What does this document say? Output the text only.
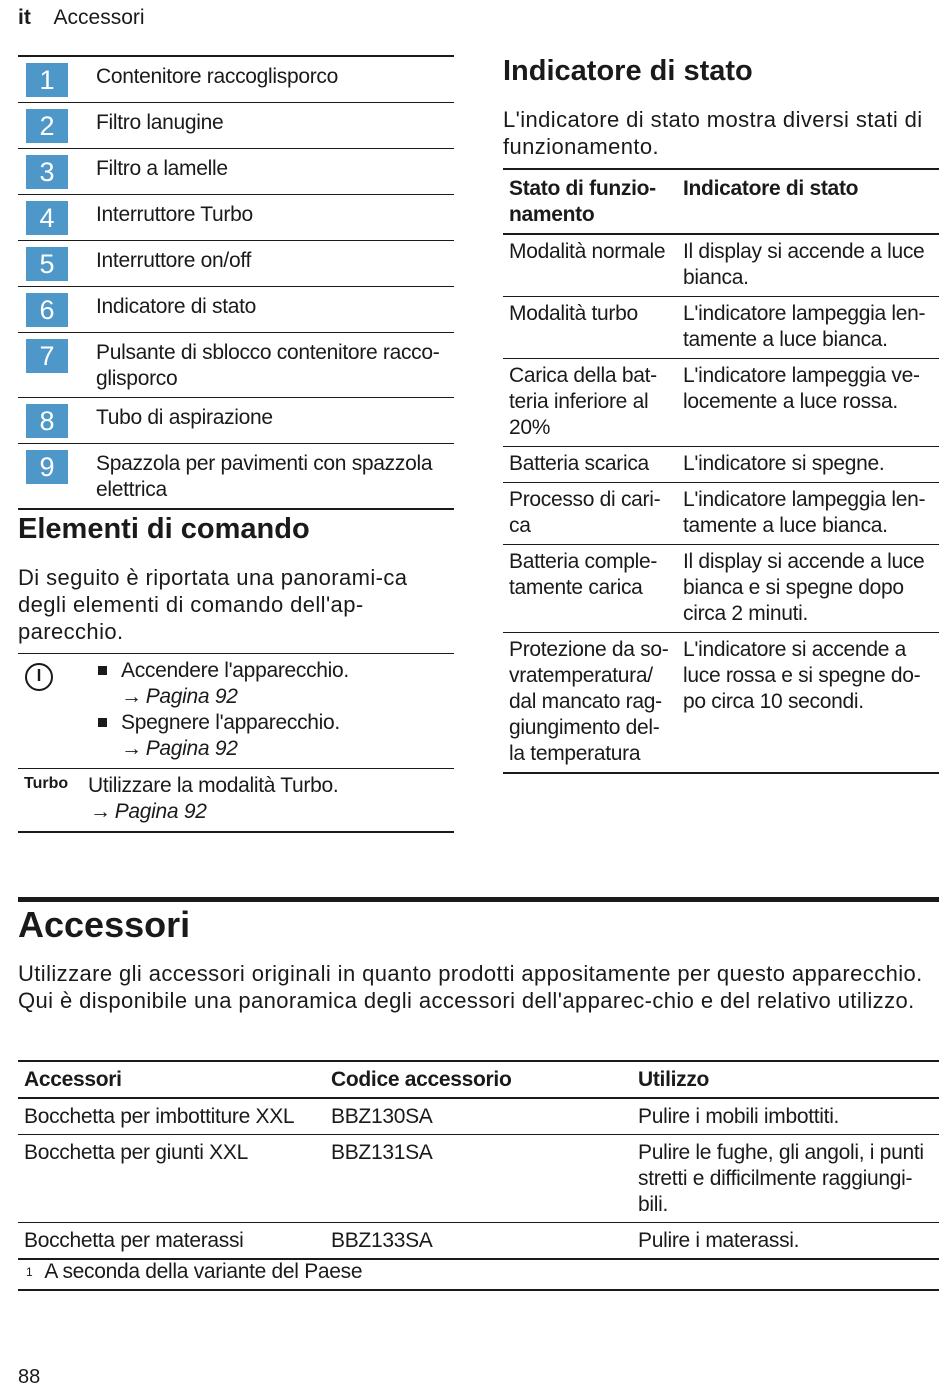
it Accessori
1	Contenitore raccoglisporco
2	Filtro lanugine
3	Filtro a lamelle
4	Interruttore Turbo
5	Interruttore on/off
6	Indicatore di stato
7	Pulsante di sblocco contenitore racco-glisporco
8	Tubo di aspirazione
9	Spazzola per pavimenti con spazzola elettrica
Elementi di comando
Di seguito è riportata una panorami-ca degli elementi di comando dell'ap-parecchio.
Accendere l'apparecchio.
→ Pagina 92
Spegnere l'apparecchio.
→ Pagina 92
Turbo Utilizzare la modalità Turbo.
→ Pagina 92
Indicatore di stato
L'indicatore di stato mostra diversi stati di funzionamento.
Stato di funzio-namento	Indicatore di stato
Modalità normale	Il display si accende a luce bianca.
Modalità turbo	L'indicatore lampeggia len-tamente a luce bianca.
Carica della bat-teria inferiore al 20%	L'indicatore lampeggia ve-locemente a luce rossa.
Batteria scarica	L'indicatore si spegne.
Processo di cari-ca	L'indicatore lampeggia len-tamente a luce bianca.
Batteria comple-tamente carica	Il display si accende a luce bianca e si spegne dopo circa 2 minuti.
Protezione da so-vratemperatura/ dal mancato rag-giungimento del-la temperatura	L'indicatore si accende a luce rossa e si spegne do-po circa 10 secondi.
Accessori
Utilizzare gli accessori originali in quanto prodotti appositamente per questo apparecchio. Qui è disponibile una panoramica degli accessori dell'apparec-chio e del relativo utilizzo.
Accessori	Codice accessorio	Utilizzo
Bocchetta per imbottiture XXL	BBZ130SA	Pulire i mobili imbottiti.
Bocchetta per giunti XXL	BBZ131SA	Pulire le fughe, gli angoli, i punti stretti e difficilmente raggiungi-bili.
Bocchetta per materassi	BBZ133SA	Pulire i materassi.
$^1$ A seconda della variante del Paese
88
